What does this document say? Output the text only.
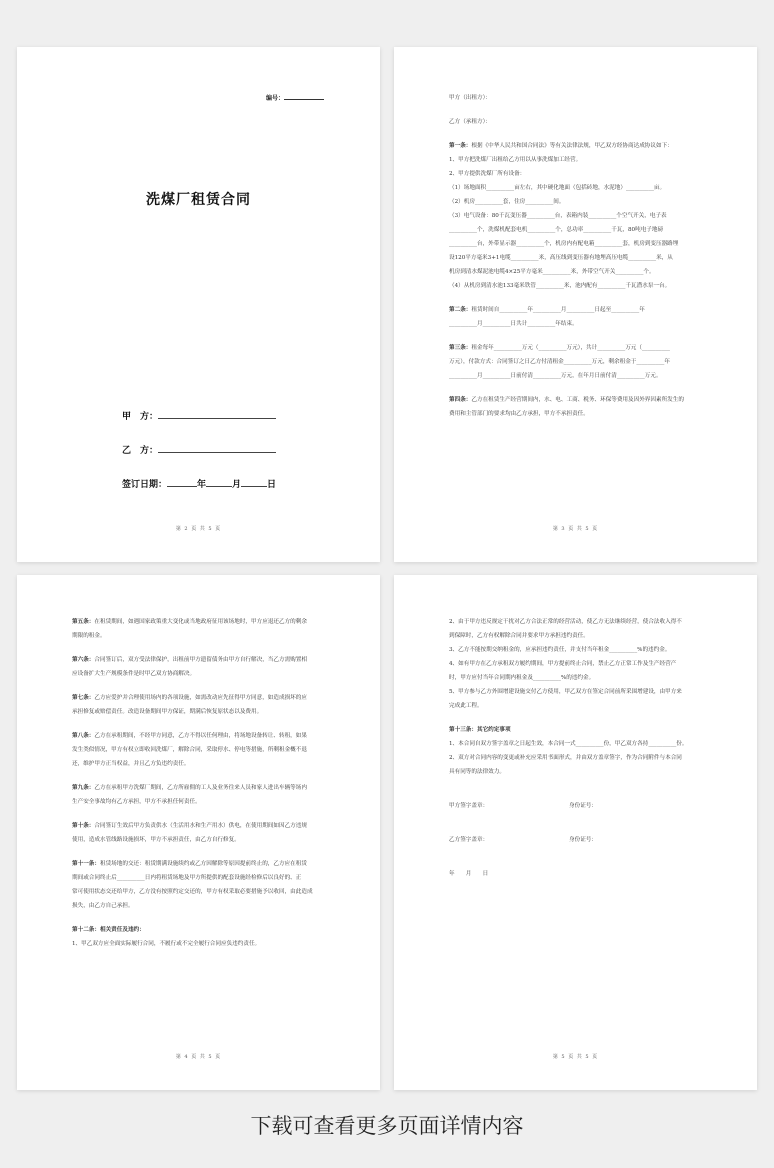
编号：
洗煤厂租赁合同
甲　方：
乙　方：
签订日期：	年	月	日
第 2 页 共 5 页

甲方（出租方）：

乙方（承租方）：

第一条：根据《中华人民共和国合同法》等有关法律法规，甲乙双方经协商达成协议如下：

1、甲方把洗煤厂出租给乙方用以从事洗煤加工经营。

2、甲方提供洗煤厂所有设备：

（1）场地面积__________亩左右，其中硬化地面（包括砖地，水泥地）__________亩。

（2）机房__________套，住房__________间。

（3）电气设备：80千瓦变压器__________台，表箱内装__________个空气开关，电子表

__________个，洗煤机配套电机__________个，总功率__________千瓦，80吨电子地磅

__________台，外带显示器__________个，机房内有配电箱__________套，机房到变压器路埋

设120平方毫米3+1电缆__________米，高压线到变压器有地埋高压电缆__________米，从

机房到清水煤泥池电缆4×25平方毫米__________米，外带空气开关__________个。

（4）从机房到清水池133毫米铁管__________米，池内配有__________千瓦潜水泵一台。

第二条：租赁时间自__________年__________月__________日起至__________年

__________月__________日共计__________年结束。

第三条：租金每年__________万元（__________万元），共计__________万元（__________

万元），付款方式：合同签订之日乙方付清租金__________万元，剩余租金于__________年

__________月__________日前付清__________万元，在年月日前付清__________万元。

第四条：乙方在租赁生产经营期间内，水、电、工商、税务、环保等费用及因外界因素所发生的

费用和主管部门的要求均由乙方承担，甲方不承担责任。

第 3 页 共 5 页

第五条：在租赁期间，如遇国家政策重大变化或当地政府征用该场地时，甲方应退还乙方的剩余

期限的租金。

第六条：合同签订后，双方受法律保护，出租前甲方遗留债务由甲方自行解决，当乙方需购置相

应设备扩大生产规模条件是时甲乙双方协商解决。

第七条：乙方应爱护并合理使用场内的各项设施，如需改动应先征得甲方同意，如造成损坏的应

承担修复或赔偿责任。改造设备期间甲方保证，期满后恢复原状态以及费用。

第八条：乙方在承租期间，不经甲方同意，乙方不得以任何理由，将场地设备转让、转租，如果

发生类似情况，甲方有权立即收回洗煤厂，解除合同，采取停水、停电等措施，所剩租金概不退

还，维护甲方正当权益，并且乙方负违约责任。

第九条：乙方在承租甲方洗煤厂期间，乙方所雇佣的工人及业务往来人员和家人进出车辆等场内

生产安全事故均有乙方承担，甲方不承担任何责任。

第十条：合同签订生效后甲方负责供水（生活用水和生产用水）供电，在使用期间如因乙方违规

使用，造成水管线路设施损坏，甲方不承担责任，由乙方自行修复。

第十一条：租赁场地的交还：租赁期满设施续约或乙方因解除等原因提前终止的，乙方应在租赁

期间或合同终止后__________日内将租赁场地及甲方所提供的配套设施经检修后以良好的、正

常可使用状态交还给甲方，乙方没有按照约定交还的，甲方有权采取必要措施予以收回，由此造成

损失，由乙方自己承担。

第十二条：相关责任及违约：

1、甲乙双方应全面实际履行合同，不履行或不完全履行合同应负违约责任。

第 4 页 共 5 页

2、由于甲方违反规定干扰对乙方合法正常的经营活动，使乙方无法继续经营，使合法收入得不

到保障时，乙方有权解除合同并要求甲方承担违约责任。

3、乙方不能按期交纳租金的，应承担违约责任，并支付当年租金__________%的违约金。

4、如有甲方在乙方承租双方履约期间，甲方提前终止合同，禁止乙方正常工作及生产经营产

时，甲方应付当年合同期内租金及__________%的违约金。

5、甲方参与乙方外围增建设施交付乙方使用，甲乙双方在签定合同前所采围增建设，由甲方来

完成此工程。

第十三条：其它约定事项

1、本合同自双方签字盖章之日起生效，本合同一式__________份，甲乙双方各持__________份。

2、双方对合同内容的变更或补充应采用书面形式，并由双方盖章签字，作为合同附件与本合同

具有同等的法律效力。

甲方签字盖章：	身份证号：

乙方签字盖章：	身份证号：

年　　月　　日

第 5 页 共 5 页
下载可查看更多页面详情内容
